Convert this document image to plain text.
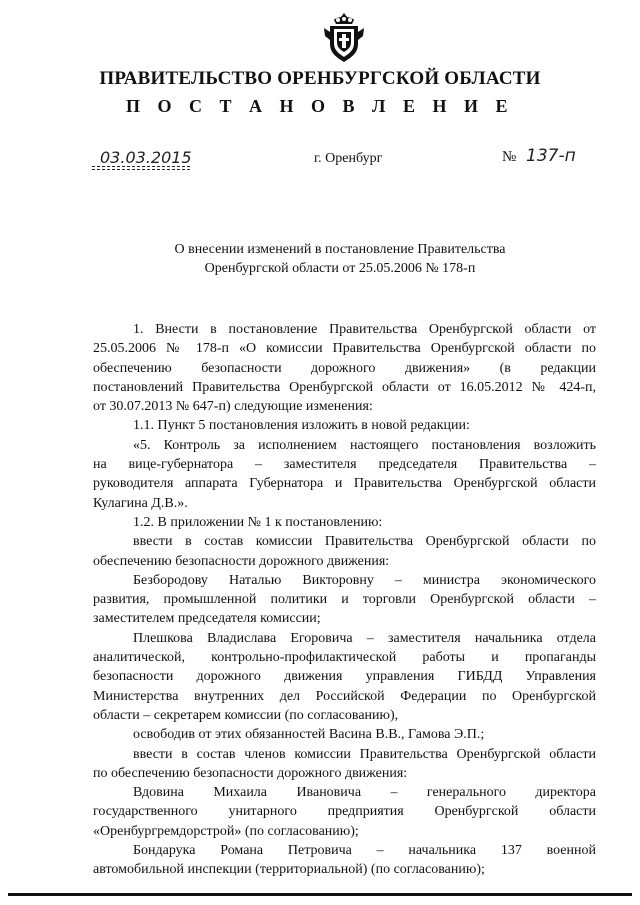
ПРАВИТЕЛЬСТВО ОРЕНБУРГСКОЙ ОБЛАСТИ
П О С Т А Н О В Л Е Н И Е
03.03.2015	г. Оренбург	№ 137-п
О внесении изменений в постановление Правительства
Оренбургской области от 25.05.2006 № 178-п
1. Внести в постановление Правительства Оренбургской области от
25.05.2006 № 178-п «О комиссии Правительства Оренбургской области по
обеспечению безопасности дорожного движения» (в редакции
постановлений Правительства Оренбургской области от 16.05.2012 № 424-п,
от 30.07.2013 № 647-п) следующие изменения:
1.1. Пункт 5 постановления изложить в новой редакции:
«5. Контроль за исполнением настоящего постановления возложить
на вице-губернатора – заместителя председателя Правительства –
руководителя аппарата Губернатора и Правительства Оренбургской области
Кулагина Д.В.».
1.2. В приложении № 1 к постановлению:
ввести в состав комиссии Правительства Оренбургской области по
обеспечению безопасности дорожного движения:
Безбородову Наталью Викторовну – министра экономического
развития, промышленной политики и торговли Оренбургской области –
заместителем председателя комиссии;
Плешкова Владислава Егоровича – заместителя начальника отдела
аналитической, контрольно-профилактической работы и пропаганды
безопасности дорожного движения управления ГИБДД Управления
Министерства внутренних дел Российской Федерации по Оренбургской
области – секретарем комиссии (по согласованию),
освободив от этих обязанностей Васина В.В., Гамова Э.П.;
ввести в состав членов комиссии Правительства Оренбургской области
по обеспечению безопасности дорожного движения:
Вдовина Михаила Ивановича – генерального директора
государственного унитарного предприятия Оренбургской области
«Оренбургремдорстрой» (по согласованию);
Бондарука Романа Петровича – начальника 137 военной
автомобильной инспекции (территориальной) (по согласованию);
